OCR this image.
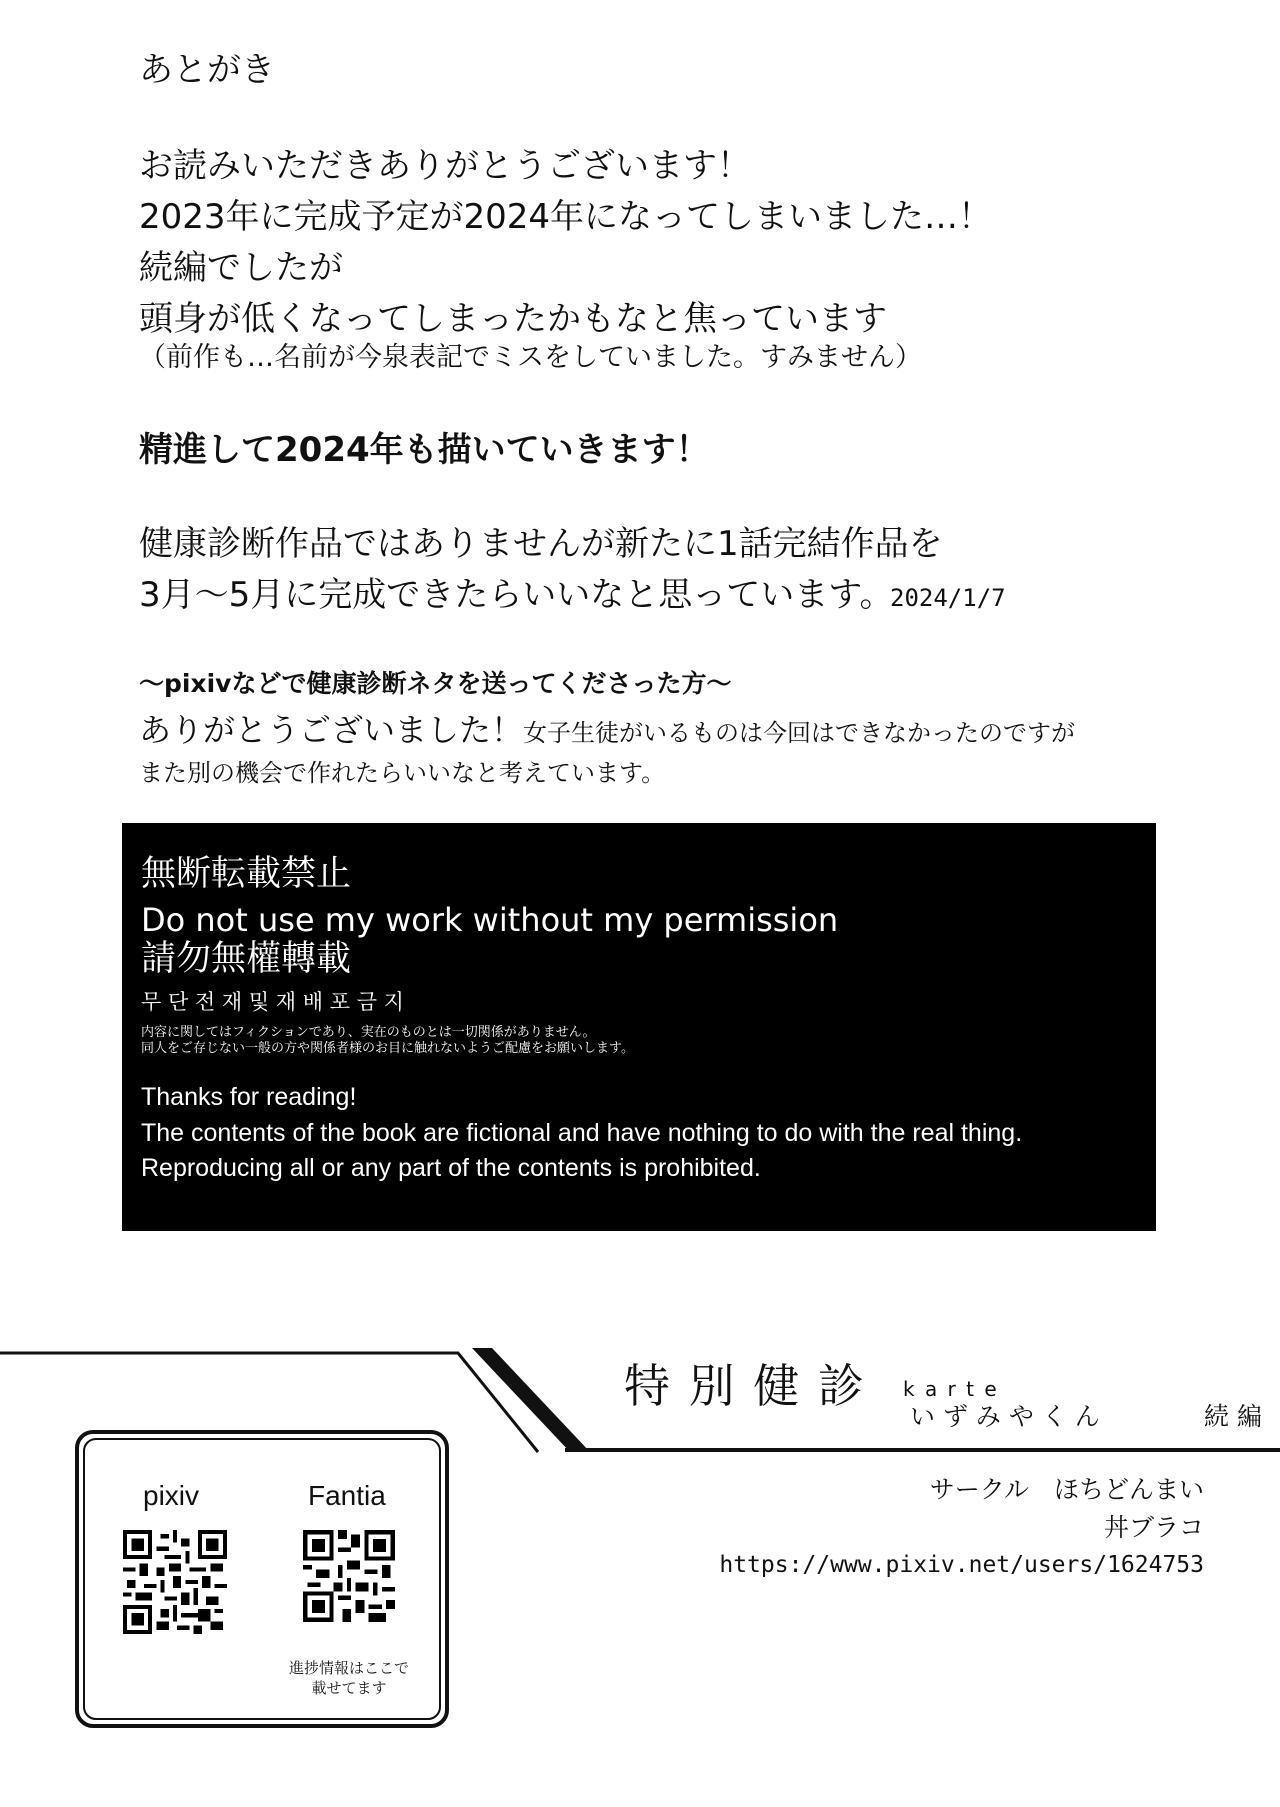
あとがき
お読みいただきありがとうございます！
2023年に完成予定が2024年になってしまいました…！
続編でしたが
頭身が低くなってしまったかもなと焦っています
（前作も…名前が今泉表記でミスをしていました。すみません）
精進して2024年も描いていきます！
健康診断作品ではありませんが新たに1話完結作品を
3月～5月に完成できたらいいなと思っています。
2024/1/7
～pixivなどで健康診断ネタを送ってくださった方～
ありがとうございました！女子生徒がいるものは今回はできなかったのですが
また別の機会で作れたらいいなと考えています。
無断転載禁止
Do not use my work without my permission
請勿無權轉載
무 단 전 재 및 재 배 포 금 지
内容に関してはフィクションであり、実在のものとは一切関係がありません。
同人をご存じない一般の方や関係者様のお目に触れないようご配慮をお願いします。
Thanks for reading!
The contents of the book are fictional and have nothing to do with the real thing.
Reproducing all or any part of the contents is prohibited.
特 別 健 診 k a r t e
い ず み や く ん	続 編
サークル　ほちどんまい
丼ブラコ
https://www.pixiv.net/users/1624753
pixiv	Fantia
進捗情報はここで
載せてます
